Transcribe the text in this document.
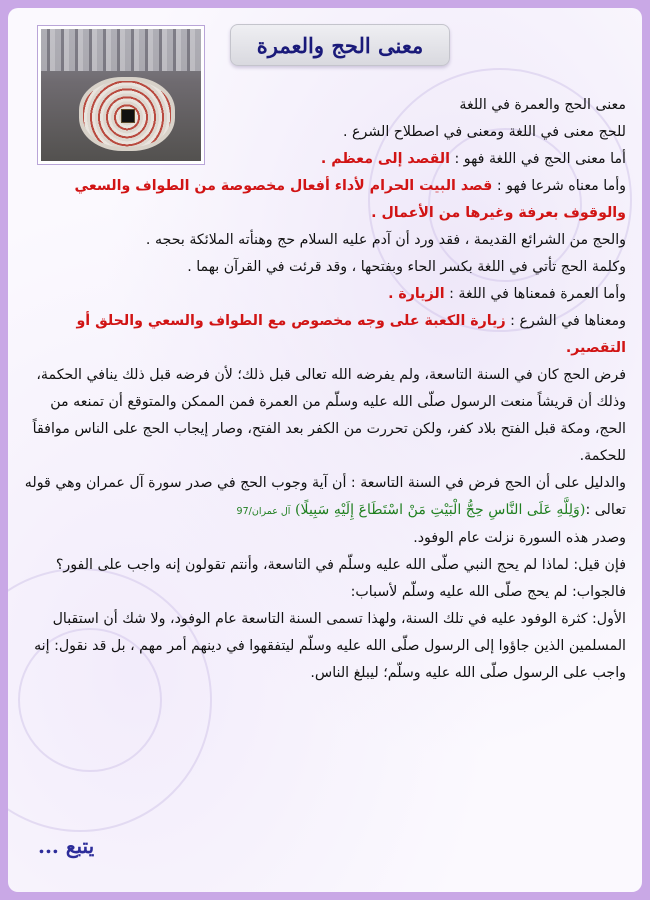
معنى الحج والعمرة

معنى الحج والعمرة في اللغة

للحج معنى في اللغة ومعنى في اصطلاح الشرع .

أما معنى الحج في اللغة فهو : القصد إلى معظم .

وأما معناه شرعا فهو : قصد البيت الحرام لأداء أفعال مخصوصة من الطواف والسعي والوقوف بعرفة وغيرها من الأعمال .

والحج من الشرائع القديمة ، فقد ورد أن آدم عليه السلام حج وهنأته الملائكة بحجه .

وكلمة الحج تأتي في اللغة بكسر الحاء وبفتحها ، وقد قرئت في القرآن بهما .

وأما العمرة فمعناها في اللغة : الزيارة .

ومعناها في الشرع : زيارة الكعبة على وجه مخصوص مع الطواف والسعي والحلق أو التقصير.

فرض الحج كان في السنة التاسعة، ولم يفرضه الله تعالى قبل ذلك؛ لأن فرضه قبل ذلك ينافي الحكمة، وذلك أن قريشاً منعت الرسول صلّى الله عليه وسلّم من العمرة فمن الممكن والمتوقع أن تمنعه من الحج، ومكة قبل الفتح بلاد كفر، ولكن تحررت من الكفر بعد الفتح، وصار إيجاب الحج على الناس موافقاً للحكمة.

والدليل على أن الحج فرض في السنة التاسعة : أن آية وجوب الحج في صدر سورة آل عمران وهي قوله تعالى :(وَلِلَّهِ عَلَى النَّاسِ حِجُّ الْبَيْتِ مَنْ اسْتَطَاعَ إِلَيْهِ سَبِيلًا) آل عمران/97

وصدر هذه السورة نزلت عام الوفود.

فإن قيل: لماذا لم يحج النبي صلّى الله عليه وسلّم في التاسعة، وأنتم تقولون إنه واجب على الفور؟ فالجواب: لم يحج صلّى الله عليه وسلّم لأسباب:

الأول: كثرة الوفود عليه في تلك السنة، ولهذا تسمى السنة التاسعة عام الوفود، ولا شك أن استقبال المسلمين الذين جاؤوا إلى الرسول صلّى الله عليه وسلّم ليتفقهوا في دينهم أمر مهم ، بل قد نقول: إنه واجب على الرسول صلّى الله عليه وسلّم؛ ليبلغ الناس.

يتبع ...
